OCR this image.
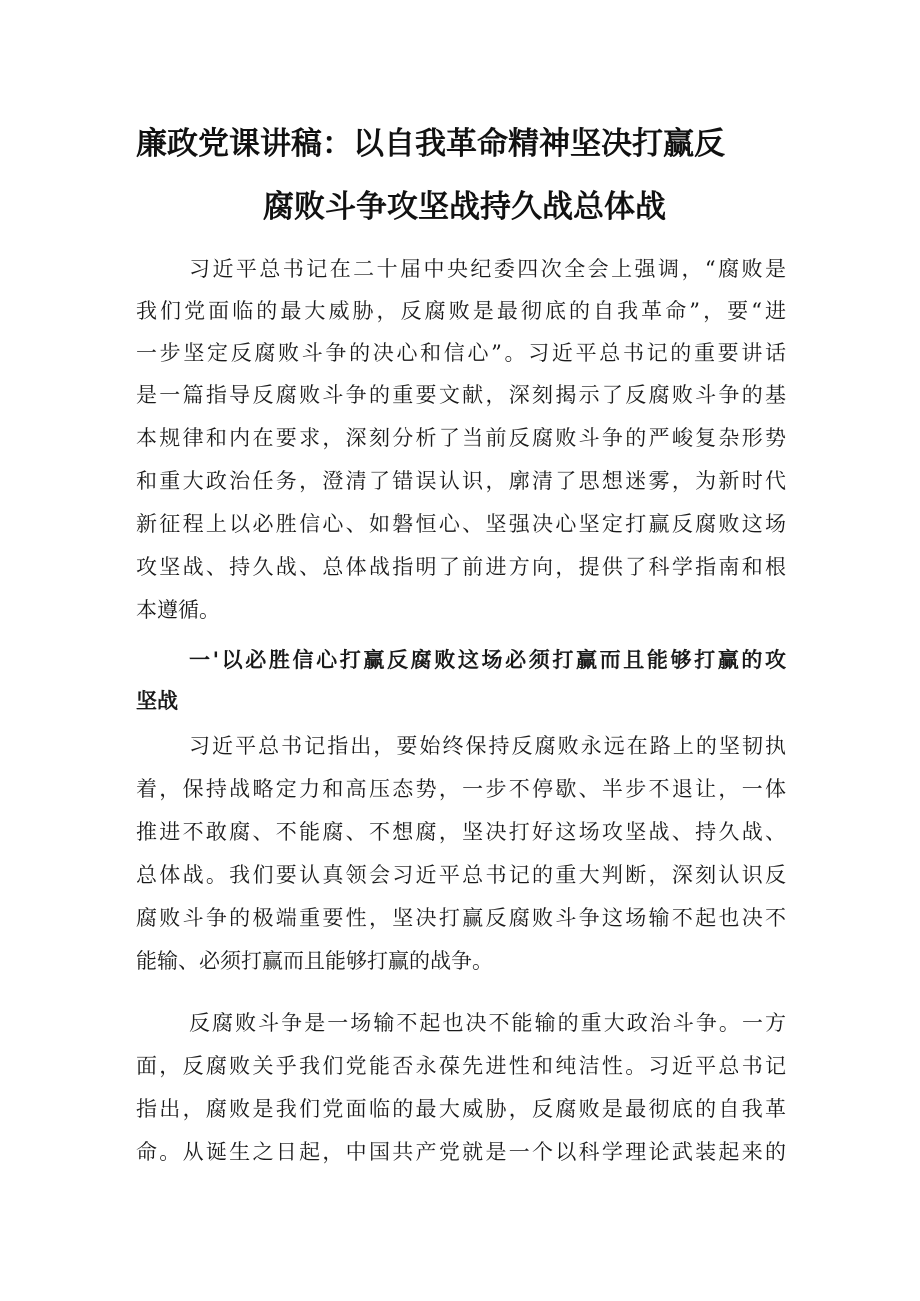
廉政党课讲稿：以自我革命精神坚决打赢反
腐败斗争攻坚战持久战总体战
习近平总书记在二十届中央纪委四次全会上强调，“腐败是
我们党面临的最大威胁，反腐败是最彻底的自我革命”，要“进
一步坚定反腐败斗争的决心和信心”。习近平总书记的重要讲话
是一篇指导反腐败斗争的重要文献，深刻揭示了反腐败斗争的基
本规律和内在要求，深刻分析了当前反腐败斗争的严峻复杂形势
和重大政治任务，澄清了错误认识，廓清了思想迷雾，为新时代
新征程上以必胜信心、如磐恒心、坚强决心坚定打赢反腐败这场
攻坚战、持久战、总体战指明了前进方向，提供了科学指南和根
本遵循。
一'以必胜信心打赢反腐败这场必须打赢而且能够打赢的攻
坚战
习近平总书记指出，要始终保持反腐败永远在路上的坚韧执
着，保持战略定力和高压态势，一步不停歇、半步不退让，一体
推进不敢腐、不能腐、不想腐，坚决打好这场攻坚战、持久战、
总体战。我们要认真领会习近平总书记的重大判断，深刻认识反
腐败斗争的极端重要性，坚决打赢反腐败斗争这场输不起也决不
能输、必须打赢而且能够打赢的战争。
反腐败斗争是一场输不起也决不能输的重大政治斗争。一方
面，反腐败关乎我们党能否永葆先进性和纯洁性。习近平总书记
指出，腐败是我们党面临的最大威胁，反腐败是最彻底的自我革
命。从诞生之日起，中国共产党就是一个以科学理论武装起来的
